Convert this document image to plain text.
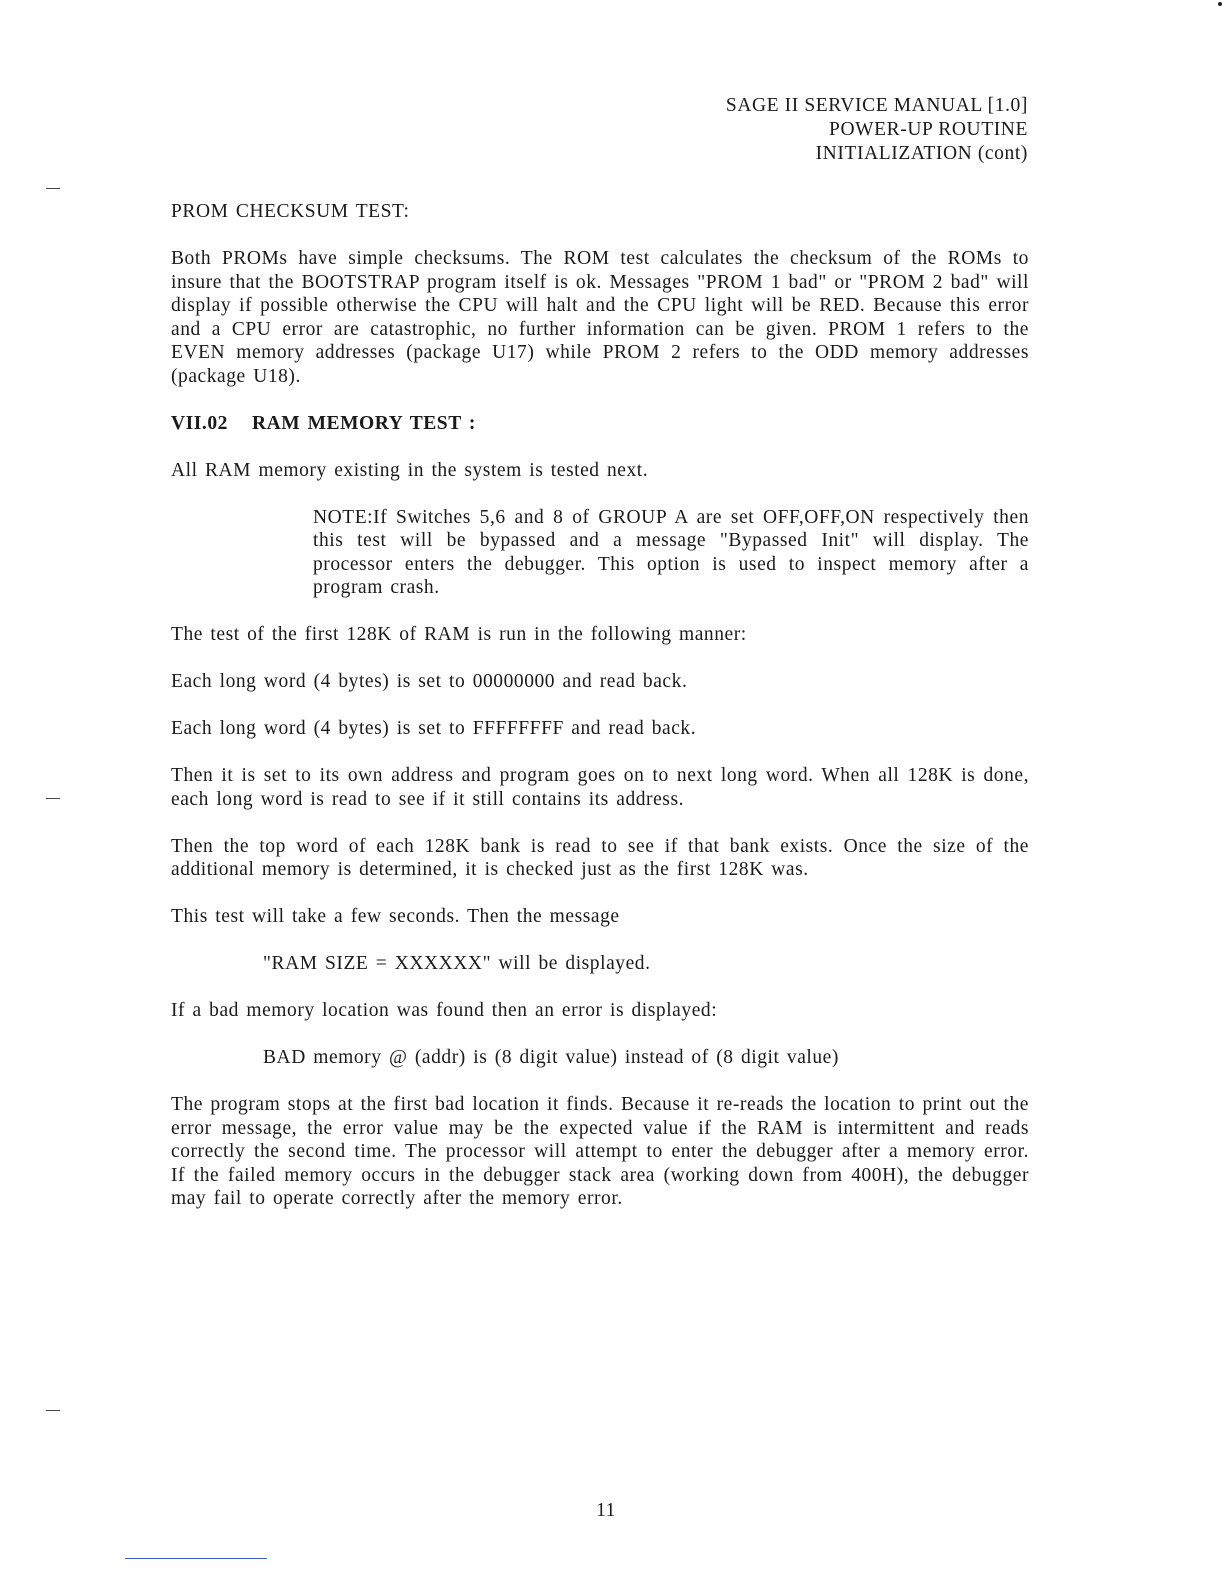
SAGE II SERVICE MANUAL [1.0]
POWER-UP ROUTINE
INITIALIZATION (cont)
PROM CHECKSUM TEST:
Both PROMs have simple checksums. The ROM test calculates the checksum of the ROMs to insure that the BOOTSTRAP program itself is ok. Messages "PROM 1 bad" or "PROM 2 bad" will display if possible otherwise the CPU will halt and the CPU light will be RED. Because this error and a CPU error are catastrophic, no further information can be given. PROM 1 refers to the EVEN memory addresses (package U17) while PROM 2 refers to the ODD memory addresses (package U18).
VII.02 RAM MEMORY TEST :
All RAM memory existing in the system is tested next.
NOTE:If Switches 5,6 and 8 of GROUP A are set OFF,OFF,ON respectively then this test will be bypassed and a message "Bypassed Init" will display. The processor enters the debugger. This option is used to inspect memory after a program crash.
The test of the first 128K of RAM is run in the following manner:
Each long word (4 bytes) is set to 00000000 and read back.
Each long word (4 bytes) is set to FFFFFFFF and read back.
Then it is set to its own address and program goes on to next long word. When all 128K is done, each long word is read to see if it still contains its address.
Then the top word of each 128K bank is read to see if that bank exists. Once the size of the additional memory is determined, it is checked just as the first 128K was.
This test will take a few seconds. Then the message
"RAM SIZE = XXXXXX" will be displayed.
If a bad memory location was found then an error is displayed:
BAD memory @ (addr) is (8 digit value) instead of (8 digit value)
The program stops at the first bad location it finds. Because it re-reads the location to print out the error message, the error value may be the expected value if the RAM is intermittent and reads correctly the second time. The processor will attempt to enter the debugger after a memory error. If the failed memory occurs in the debugger stack area (working down from 400H), the debugger may fail to operate correctly after the memory error.
11
